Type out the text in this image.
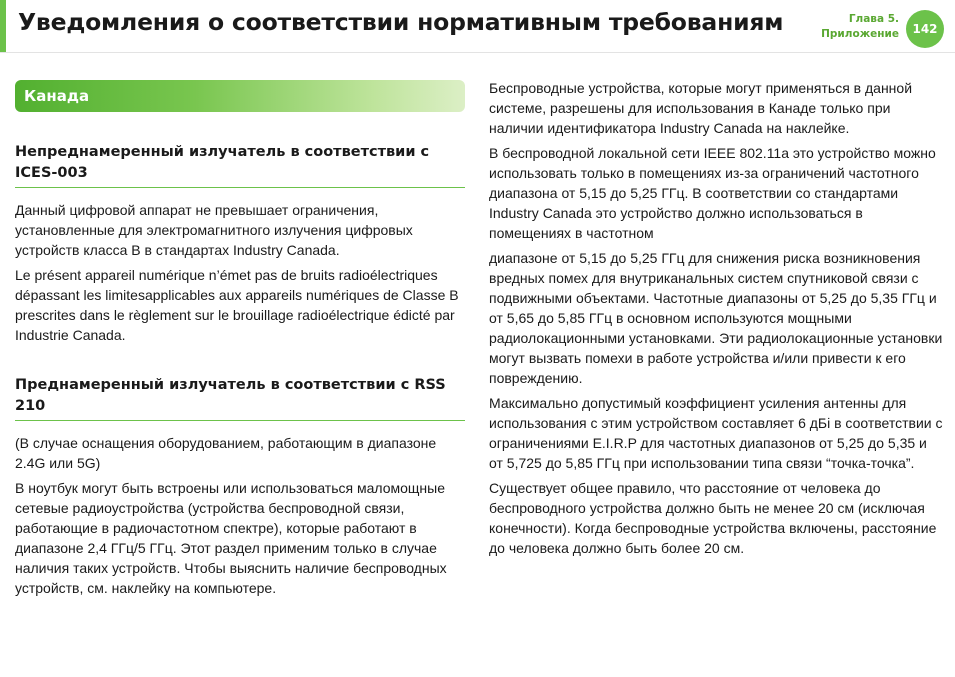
Уведомления о соответствии нормативным требованиям	Глава 5.
Приложение	142
Канада
Непреднамеренный излучатель в соответствии с ICES-003

Данный цифровой аппарат не превышает ограничения, установленные для электромагнитного излучения цифровых устройств класса B в стандартах Industry Canada.

Le présent appareil numérique n’émet pas de bruits radioélectriques dépassant les limitesapplicables aux appareils numériques de Classe B prescrites dans le règlement sur le brouillage radioélectrique édicté par Industrie Canada.

Преднамеренный излучатель в соответствии с RSS 210

(В случае оснащения оборудованием, работающим в диапазоне 2.4G или 5G)

В ноутбук могут быть встроены или использоваться маломощные сетевые радиоустройства (устройства беспроводной связи, работающие в радиочастотном спектре), которые работают в диапазоне 2,4 ГГц/5 ГГц. Этот раздел применим только в случае наличия таких устройств. Чтобы выяснить наличие беспроводных устройств, см. наклейку на компьютере.

Беспроводные устройства, которые могут применяться в данной системе, разрешены для использования в Канаде только при наличии идентификатора Industry Canada на наклейке.

В беспроводной локальной сети IEEE 802.11a это устройство можно использовать только в помещениях из-за ограничений частотного диапазона от 5,15 до 5,25 ГГц. В соответствии со стандартами Industry Canada это устройство должно использоваться в помещениях в частотном

диапазоне от 5,15 до 5,25 ГГц для снижения риска возникновения вредных помех для внутриканальных систем спутниковой связи с подвижными объектами. Частотные диапазоны от 5,25 до 5,35 ГГц и от 5,65 до 5,85 ГГц в основном используются мощными радиолокационными установками. Эти радиолокационные установки могут вызвать помехи в работе устройства и/или привести к его повреждению.

Максимально допустимый коэффициент усиления антенны для использования с этим устройством составляет 6 дБі в соответствии с ограничениями E.I.R.P для частотных диапазонов от 5,25 до 5,35 и от 5,725 до 5,85 ГГц при использовании типа связи “точка-точка”.

Существует общее правило, что расстояние от человека до беспроводного устройства должно быть не менее 20 см (исключая конечности). Когда беспроводные устройства включены, расстояние до человека должно быть более 20 см.
